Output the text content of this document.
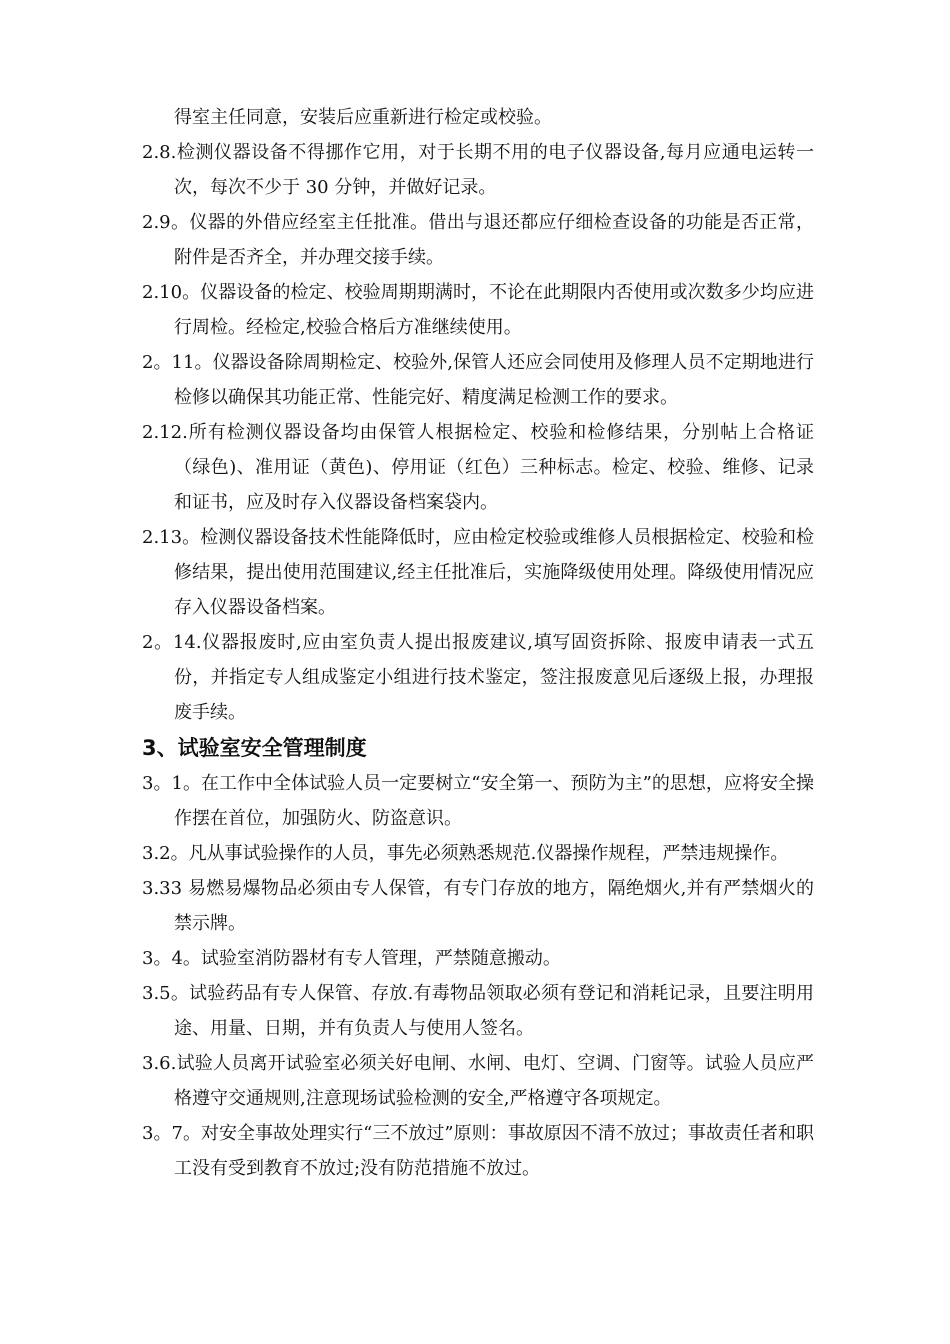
得室主任同意，安装后应重新进行检定或校验。

2.8.检测仪器设备不得挪作它用，对于长期不用的电子仪器设备,每月应通电运转一次，每次不少于 30 分钟，并做好记录。

2.9。仪器的外借应经室主任批准。借出与退还都应仔细检查设备的功能是否正常，附件是否齐全，并办理交接手续。

2.10。仪器设备的检定、校验周期期满时，不论在此期限内否使用或次数多少均应进行周检。经检定,校验合格后方准继续使用。

2。11。仪器设备除周期检定、校验外,保管人还应会同使用及修理人员不定期地进行检修以确保其功能正常、性能完好、精度满足检测工作的要求。

2.12.所有检测仪器设备均由保管人根据检定、校验和检修结果，分别帖上合格证（绿色)、准用证（黄色)、停用证（红色）三种标志。检定、校验、维修、记录和证书，应及时存入仪器设备档案袋内。

2.13。检测仪器设备技术性能降低时，应由检定校验或维修人员根据检定、校验和检修结果，提出使用范围建议,经主任批准后，实施降级使用处理。降级使用情况应存入仪器设备档案。

2。14.仪器报废时,应由室负责人提出报废建议,填写固资拆除、报废申请表一式五份，并指定专人组成鉴定小组进行技术鉴定，签注报废意见后逐级上报，办理报废手续。

3、试验室安全管理制度

3。1。在工作中全体试验人员一定要树立“安全第一、预防为主”的思想，应将安全操作摆在首位，加强防火、防盗意识。

3.2。凡从事试验操作的人员，事先必须熟悉规范.仪器操作规程，严禁违规操作。

3.33 易燃易爆物品必须由专人保管，有专门存放的地方，隔绝烟火,并有严禁烟火的禁示牌。

3。4。试验室消防器材有专人管理，严禁随意搬动。

3.5。试验药品有专人保管、存放.有毒物品领取必须有登记和消耗记录，且要注明用途、用量、日期，并有负责人与使用人签名。

3.6.试验人员离开试验室必须关好电闸、水闸、电灯、空调、门窗等。试验人员应严格遵守交通规则,注意现场试验检测的安全,严格遵守各项规定。

3。7。对安全事故处理实行“三不放过”原则：事故原因不清不放过；事故责任者和职工没有受到教育不放过;没有防范措施不放过。
